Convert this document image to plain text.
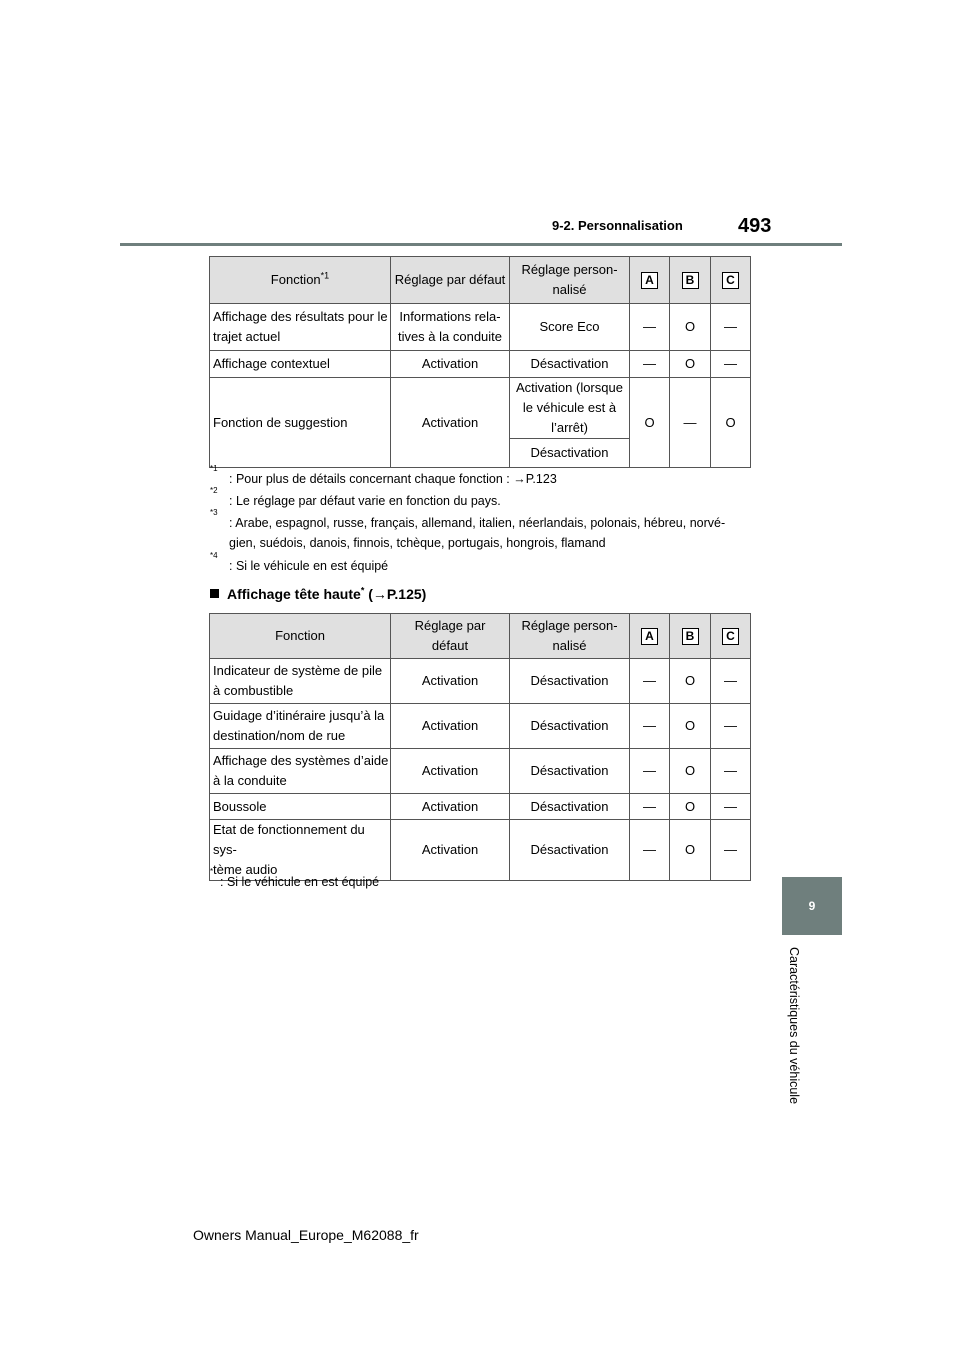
9-2. Personnalisation	493
9
Caractéristiques du véhicule
Fonction$^{*1}$	Réglage par défaut	Réglage person-
nalisé	A	B	C
Affichage des résultats pour le trajet actuel	Informations rela-
tives à la conduite	Score Eco	—	O	—
Affichage contextuel	Activation	Désactivation	—	O	—
Fonction de suggestion	Activation	Activation (lorsque
le véhicule est à
l’arrêt)	O	—	O
		Désactivation			
*1
: Pour plus de détails concernant chaque fonction : →P.123
*2
: Le réglage par défaut varie en fonction du pays.
*3
: Arabe, espagnol, russe, français, allemand, italien, néerlandais, polonais, hébreu, norvé-
gien, suédois, danois, finnois, tchèque, portugais, hongrois, flamand
*4
: Si le véhicule en est équipé
Affichage tête haute* (→P.125)
Fonction	Réglage par
défaut	Réglage person-
nalisé	A	B	C
Indicateur de système de pile
à combustible	Activation	Désactivation	—	O	—
Guidage d’itinéraire jusqu’à la
destination/nom de rue	Activation	Désactivation	—	O	—
Affichage des systèmes d’aide
à la conduite	Activation	Désactivation	—	O	—
Boussole	Activation	Désactivation	—	O	—
Etat de fonctionnement du sys-
tème audio	Activation	Désactivation	—	O	—
*
: Si le véhicule en est équipé
Owners Manual_Europe_M62088_fr
